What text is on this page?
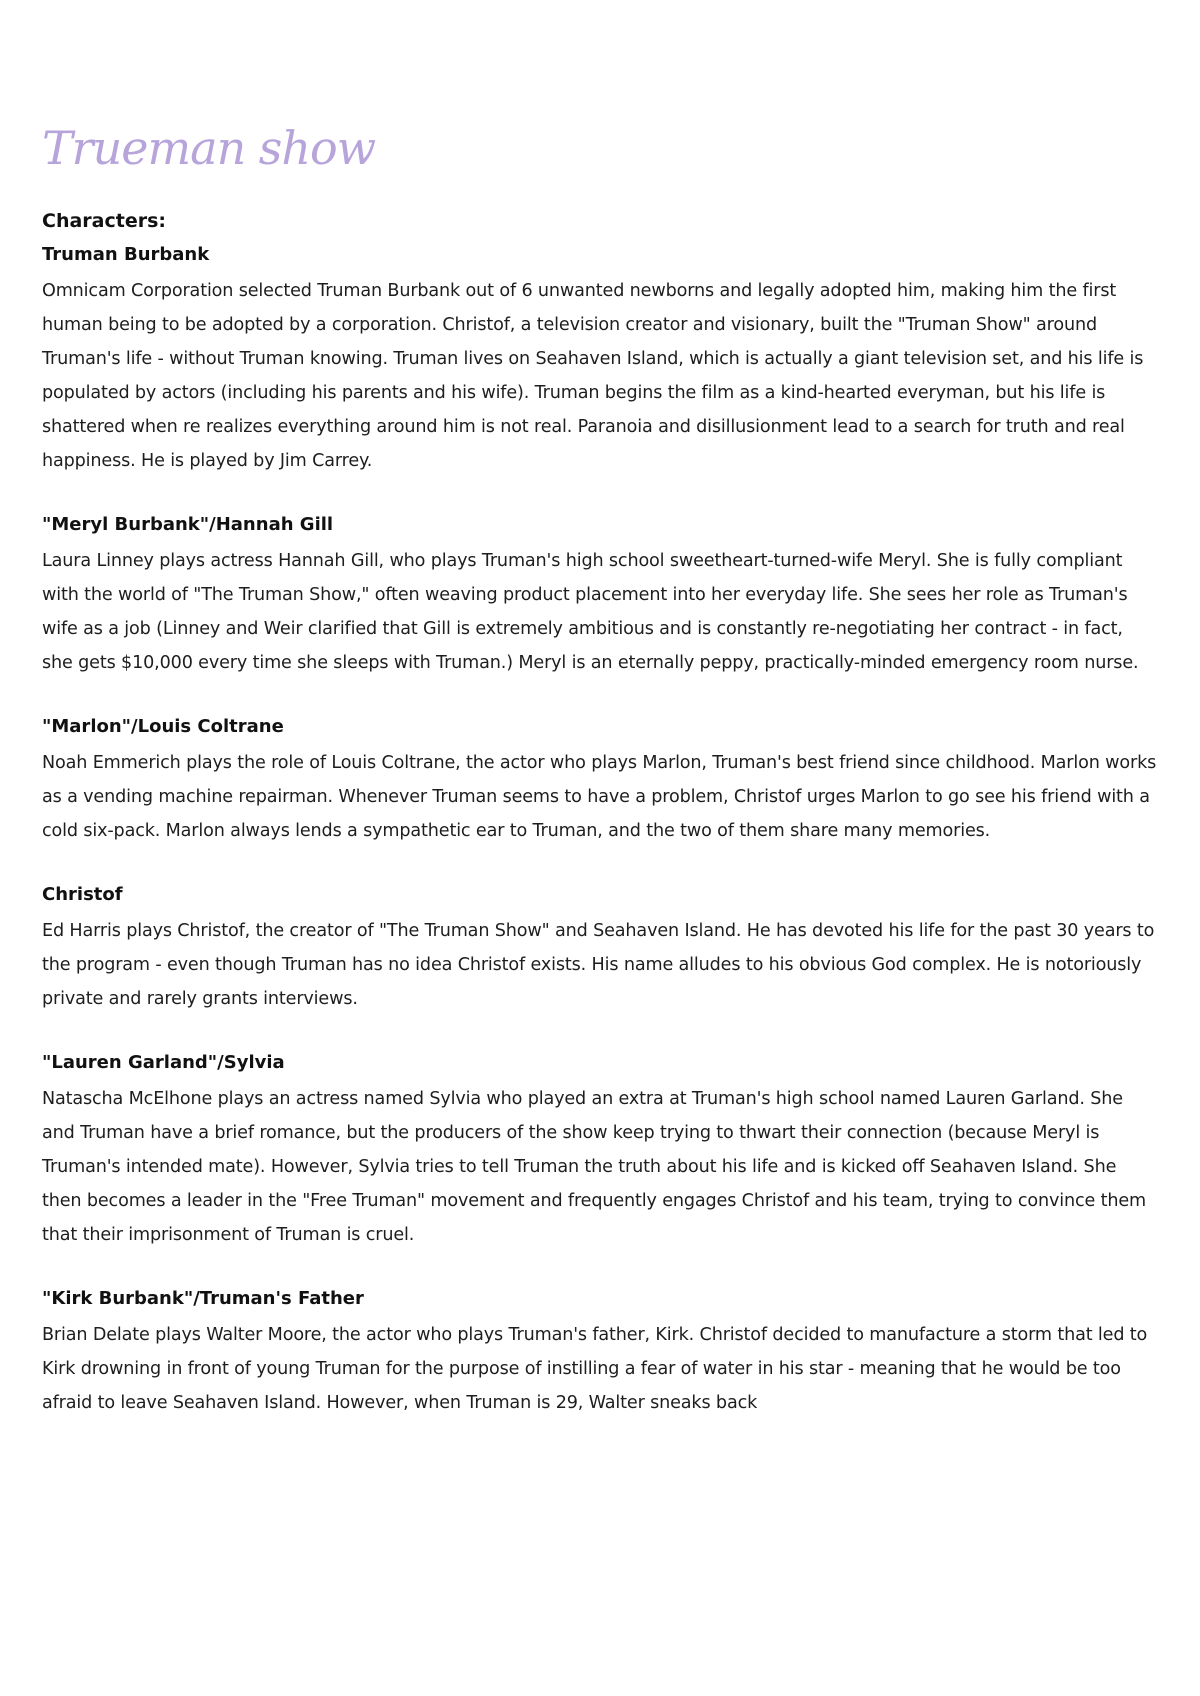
Trueman show
Characters:
Truman Burbank

Omnicam Corporation selected Truman Burbank out of 6 unwanted newborns and legally adopted him, making him the first human being to be adopted by a corporation. Christof, a television creator and visionary, built the "Truman Show" around Truman's life - without Truman knowing. Truman lives on Seahaven Island, which is actually a giant television set, and his life is populated by actors (including his parents and his wife). Truman begins the film as a kind-hearted everyman, but his life is shattered when re realizes everything around him is not real. Paranoia and disillusionment lead to a search for truth and real happiness. He is played by Jim Carrey.

"Meryl Burbank"/Hannah Gill

Laura Linney plays actress Hannah Gill, who plays Truman's high school sweetheart-turned-wife Meryl. She is fully compliant with the world of "The Truman Show," often weaving product placement into her everyday life. She sees her role as Truman's wife as a job (Linney and Weir clarified that Gill is extremely ambitious and is constantly re-negotiating her contract - in fact, she gets $10,000 every time she sleeps with Truman.) Meryl is an eternally peppy, practically-minded emergency room nurse.

"Marlon"/Louis Coltrane

Noah Emmerich plays the role of Louis Coltrane, the actor who plays Marlon, Truman's best friend since childhood. Marlon works as a vending machine repairman. Whenever Truman seems to have a problem, Christof urges Marlon to go see his friend with a cold six-pack. Marlon always lends a sympathetic ear to Truman, and the two of them share many memories.

Christof

Ed Harris plays Christof, the creator of "The Truman Show" and Seahaven Island. He has devoted his life for the past 30 years to the program - even though Truman has no idea Christof exists. His name alludes to his obvious God complex. He is notoriously private and rarely grants interviews.

"Lauren Garland"/Sylvia

Natascha McElhone plays an actress named Sylvia who played an extra at Truman's high school named Lauren Garland. She and Truman have a brief romance, but the producers of the show keep trying to thwart their connection (because Meryl is Truman's intended mate). However, Sylvia tries to tell Truman the truth about his life and is kicked off Seahaven Island. She then becomes a leader in the "Free Truman" movement and frequently engages Christof and his team, trying to convince them that their imprisonment of Truman is cruel.

"Kirk Burbank"/Truman's Father

Brian Delate plays Walter Moore, the actor who plays Truman's father, Kirk. Christof decided to manufacture a storm that led to Kirk drowning in front of young Truman for the purpose of instilling a fear of water in his star - meaning that he would be too afraid to leave Seahaven Island. However, when Truman is 29, Walter sneaks back
